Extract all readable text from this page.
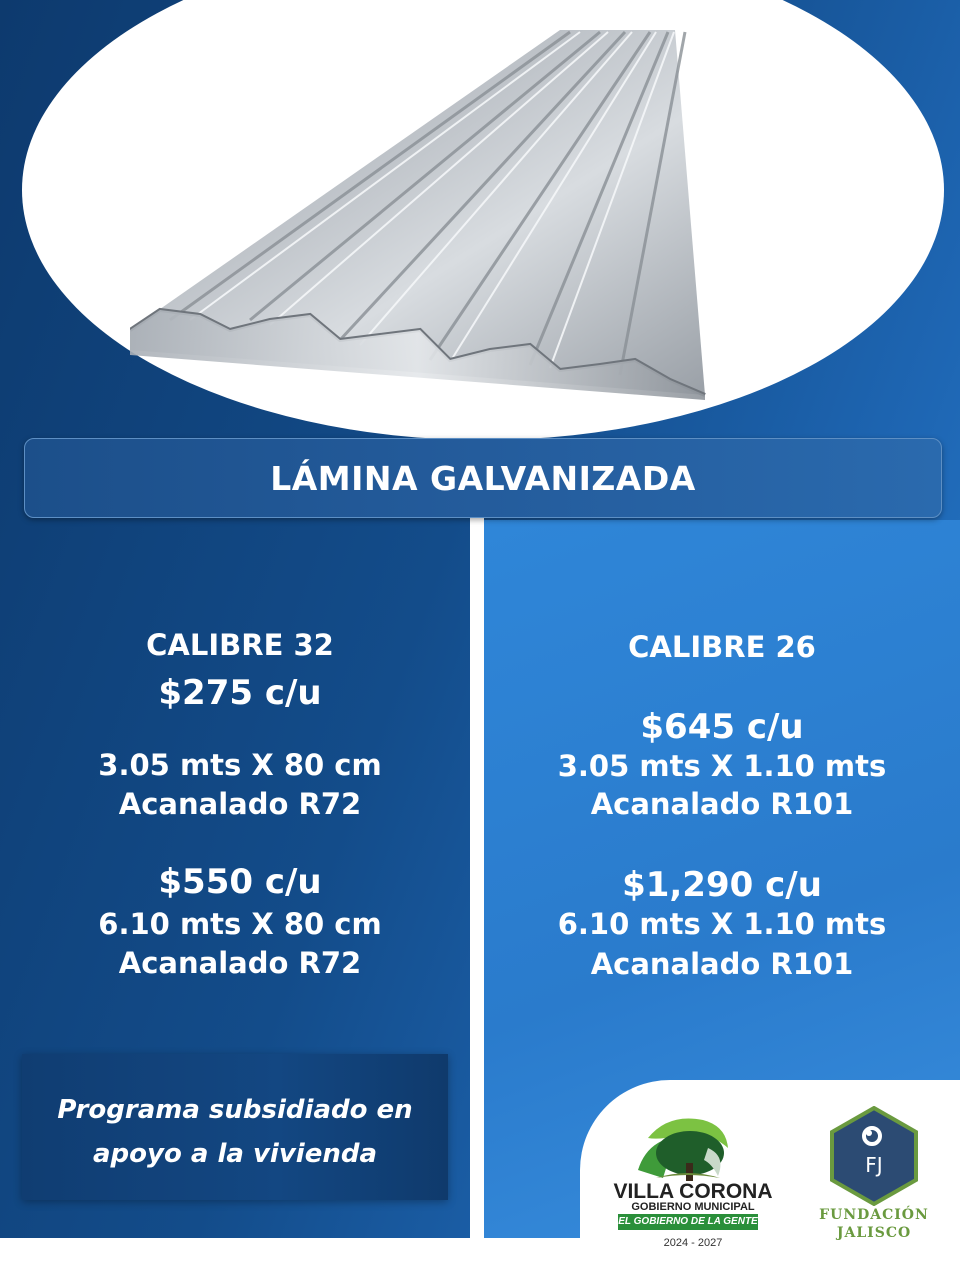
LÁMINA GALVANIZADA
CALIBRE 32
$275 c/u
3.05 mts X 80 cm
Acanalado R72
$550 c/u
6.10 mts X 80 cm
Acanalado R72
CALIBRE 26
$645 c/u
3.05 mts X 1.10 mts
Acanalado R101
$1,290 c/u
6.10 mts X 1.10 mts
Acanalado R101
Programa subsidiado en
apoyo a la vivienda
VILLA CORONA
GOBIERNO MUNICIPAL
EL GOBIERNO DE LA GENTE
2024 - 2027
FJ
FUNDACIÓN
JALISCO
